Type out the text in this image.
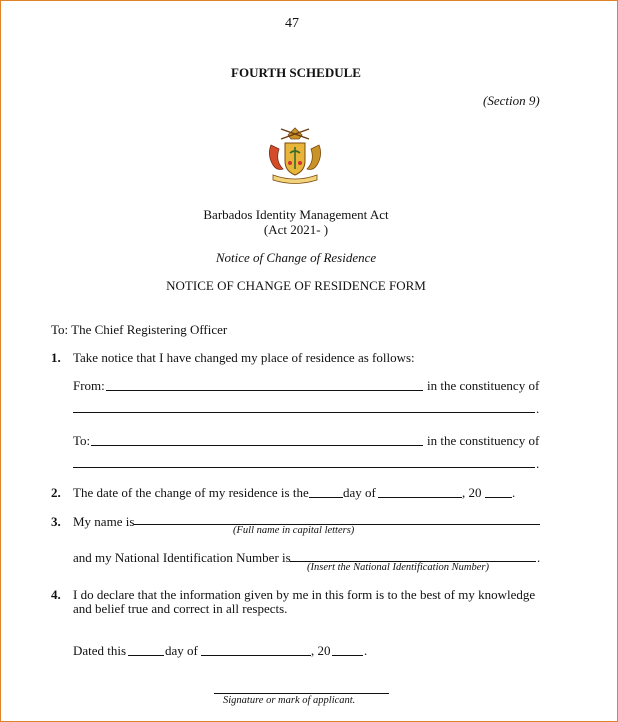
47
FOURTH SCHEDULE
(Section 9)
Barbados Identity Management Act
(Act 2021- )
Notice of Change of Residence
NOTICE OF CHANGE OF RESIDENCE FORM
To: The Chief Registering Officer
1. Take notice that I have changed my place of residence as follows:
From:	in the constituency of
.
To:	in the constituency of
.
2. The date of the change of my residence is the	day of	, 20 .
3. My name is
(Full name in capital letters)
and my National Identification Number is	.
(Insert the National Identification Number)
4. I do declare that the information given by me in this form is to the best of my knowledge
and belief true and correct in all respects.
Dated this	day of	, 20	.
Signature or mark of applicant.
